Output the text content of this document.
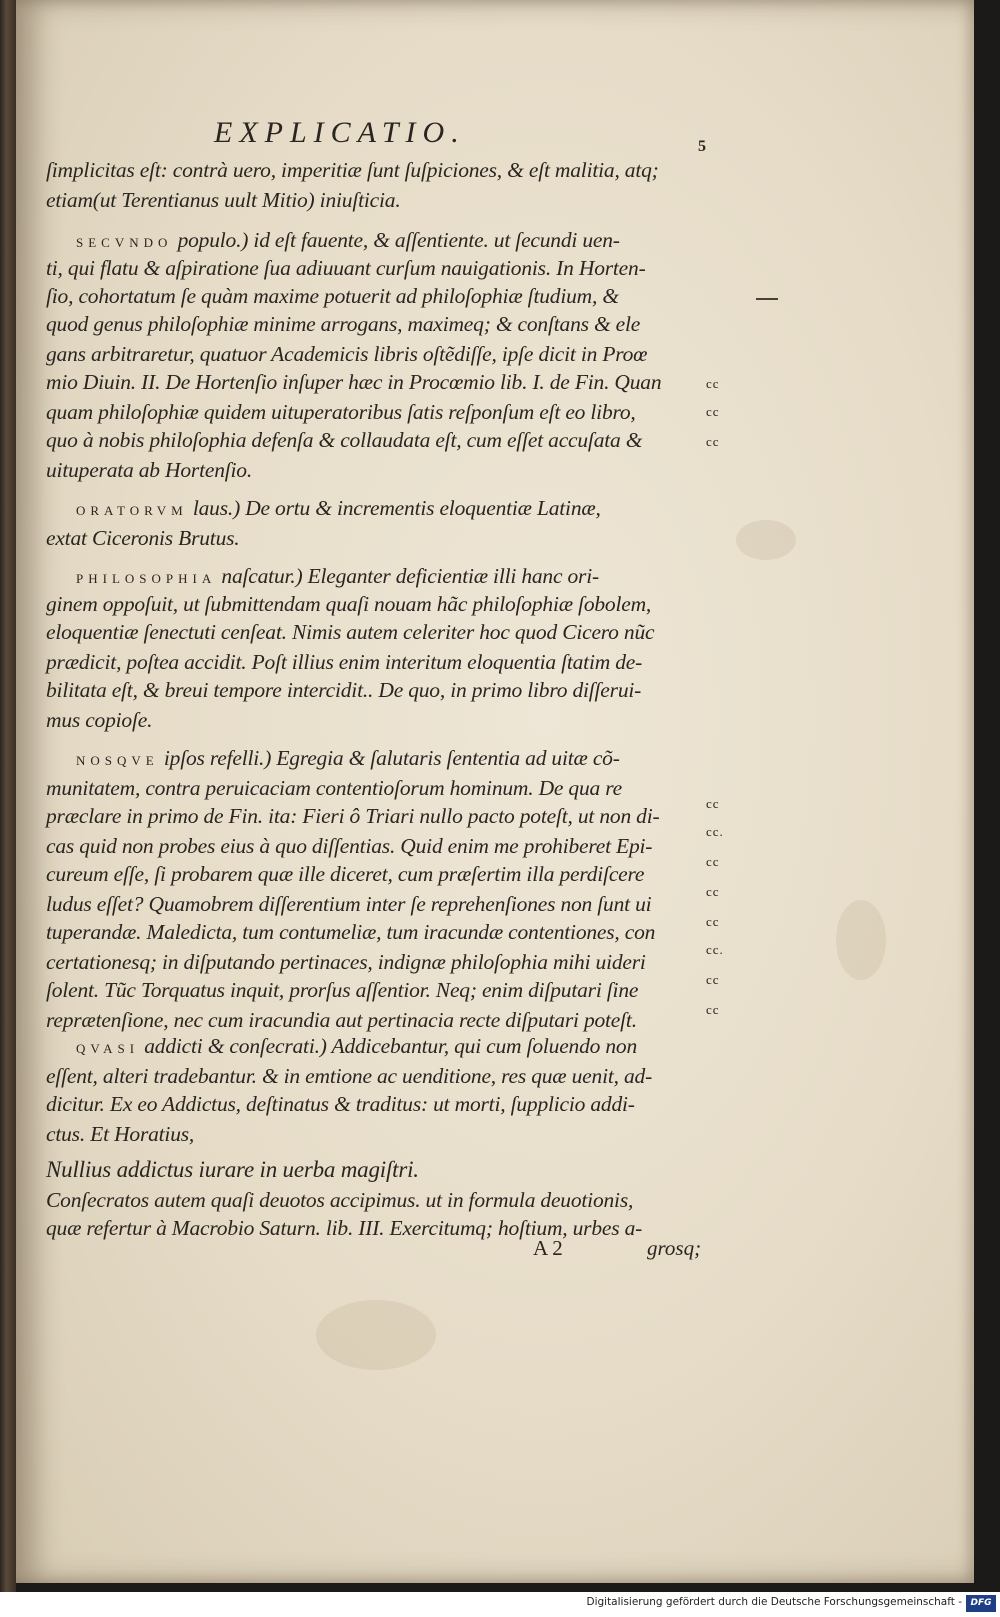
EXPLICATIO.	5
ſimplicitas eſt: contrà uero, imperitiæ ſunt ſuſpiciones, & eſt malitia, atq;
etiam(ut Terentianus uult Mitio) iniuſticia.
SECVNDO populo.) id eſt fauente, & aſſentiente. ut ſecundi uen-
ti, qui flatu & aſpiratione ſua adiuuant curſum nauigationis. In Horten-
ſio, cohortatum ſe quàm maxime potuerit ad philoſophiæ ſtudium, &
quod genus philoſophiæ minime arrogans, maximeq; & conſtans & ele
gans arbitraretur, quatuor Academicis libris oſtẽdiſſe, ipſe dicit in Proœ
mio Diuin. II. De Hortenſio inſuper hæc in Procœmio lib. I. de Fin. Quan
quam philoſophiæ quidem uituperatoribus ſatis reſponſum eſt eo libro,
quo à nobis philoſophia defenſa & collaudata eſt, cum eſſet accuſata &
uituperata ab Hortenſio.
ORATORVM laus.) De ortu & incrementis eloquentiæ Latinæ,
extat Ciceronis Brutus.
PHILOSOPHIA naſcatur.) Eleganter deficientiæ illi hanc ori-
ginem oppoſuit, ut ſubmittendam quaſi nouam hãc philoſophiæ ſobolem,
eloquentiæ ſenectuti cenſeat. Nimis autem celeriter hoc quod Cicero nũc
prædicit, poſtea accidit. Poſt illius enim interitum eloquentia ſtatim de-
bilitata eſt, & breui tempore intercidit.. De quo, in primo libro diſſerui-
mus copioſe.
NOSQVE ipſos refelli.) Egregia & ſalutaris ſententia ad uitæ cõ-
munitatem, contra peruicaciam contentioſorum hominum. De qua re
præclare in primo de Fin. ita: Fieri ô Triari nullo pacto poteſt, ut non di-
cas quid non probes eius à quo diſſentias. Quid enim me prohiberet Epi-
cureum eſſe, ſi probarem quæ ille diceret, cum præſertim illa perdiſcere
ludus eſſet? Quamobrem diſſerentium inter ſe reprehenſiones non ſunt ui
tuperandæ. Maledicta, tum contumeliæ, tum iracundæ contentiones, con
certationesq; in diſputando pertinaces, indignæ philoſophia mihi uideri
ſolent. Tũc Torquatus inquit, prorſus aſſentior. Neq; enim diſputari ſine
reprætenſione, nec cum iracundia aut pertinacia recte diſputari poteſt.
QVASI addicti & conſecrati.) Addicebantur, qui cum ſoluendo non
eſſent, alteri tradebantur. & in emtione ac uenditione, res quæ uenit, ad-
dicitur. Ex eo Addictus, deſtinatus & traditus: ut morti, ſupplicio addi-
ctus. Et Horatius,
Nullius addictus iurare in uerba magiſtri.
Conſecratos autem quaſi deuotos accipimus. ut in formula deuotionis,
quæ refertur à Macrobio Saturn. lib. III. Exercitumq; hoſtium, urbes a-
cc
cc
cc
cc
cc.
cc
cc
cc
cc.
cc
cc
A 2	grosq;
Digitalisierung gefördert durch die Deutsche Forschungsgemeinschaft - DFG
